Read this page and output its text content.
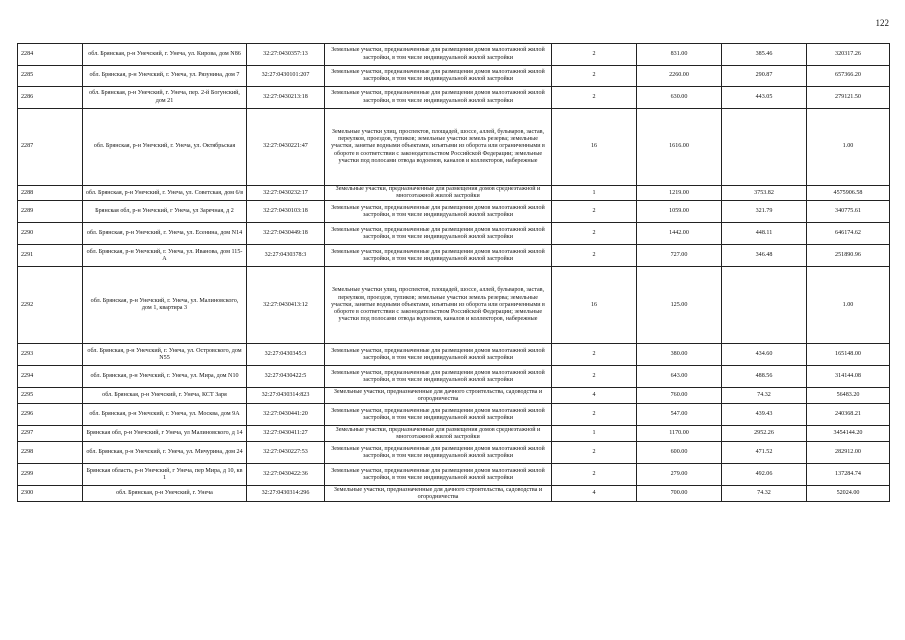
122
2284	обл. Брянская, р-н Унечский, г. Унеча, ул. Кирова, дом N86	32:27:0430357:13	Земельные участки, предназначенные для размещения домов малоэтажной жилой застройки, в том числе индивидуальной жилой застройки	2	831.00	385.46	320317.26
2285	обл. Брянская, р-н Унечский, г. Унеча, ул. Рязунина, дом 7	32:27:0430101:207	Земельные участки, предназначенные для размещения домов малоэтажной жилой застройки, в том числе индивидуальной жилой застройки	2	2260.00	290.87	657366.20
2286	обл. Брянская, р-н Унечский, г. Унеча, пер. 2-й Богунский, дом 21	32:27:0430213:18	Земельные участки, предназначенные для размещения домов малоэтажной жилой застройки, в том числе индивидуальной жилой застройки	2	630.00	443.05	279121.50
2287	обл. Брянская, р-н Унечский, г. Унеча, ул. Октябрьская	32:27:0430221:47	Земельные участки улиц, проспектов, площадей, шоссе, аллей, бульваров, застав, переулков, проездов, тупиков; земельные участки земель резерва; земельные участки, занятые водными объектами, изъятыми из оборота или ограниченными в обороте в соответствии с законодательством Российской Федерации; земельные участки под полосами отвода водоемов, каналов и коллекторов, набережные	16	1616.00		1.00
2288	обл. Брянская, р-н Унечский, г. Унеча, ул. Советская, дом 6/в	32:27:0430232:17	Земельные участки, предназначенные для размещения домов среднеэтажной и многоэтажной жилой застройки	1	1219.00	3753.82	4575906.58
2289	Брянская обл, р-н Унечский, г Унеча, ул Заречная, д 2	32:27:0430103:18	Земельные участки, предназначенные для размещения домов малоэтажной жилой застройки, в том числе индивидуальной жилой застройки	2	1059.00	321.79	340775.61
2290	обл. Брянская, р-н Унечский, г. Унеча, ул. Есенина, дом N14	32:27:0430449:18	Земельные участки, предназначенные для размещения домов малоэтажной жилой застройки, в том числе индивидуальной жилой застройки	2	1442.00	448.11	646174.62
2291	обл. Брянская, р-н Унечский, г. Унеча, ул. Иванова, дом 115-А	32:27:0430378:3	Земельные участки, предназначенные для размещения домов малоэтажной жилой застройки, в том числе индивидуальной жилой застройки	2	727.00	346.48	251890.96
2292	обл. Брянская, р-н Унечский, г. Унеча, ул. Малиновского, дом 1, квартира 3	32:27:0430413:12	Земельные участки улиц, проспектов, площадей, шоссе, аллей, бульваров, застав, переулков, проездов, тупиков; земельные участки земель резерва; земельные участки, занятые водными объектами, изъятыми из оборота или ограниченными в обороте в соответствии с законодательством Российской Федерации; земельные участки под полосами отвода водоемов, каналов и коллекторов, набережные	16	125.00		1.00
2293	обл. Брянская, р-н Унечский, г. Унеча, ул. Островского, дом N55	32:27:0430345:3	Земельные участки, предназначенные для размещения домов малоэтажной жилой застройки, в том числе индивидуальной жилой застройки	2	380.00	434.60	165148.00
2294	обл. Брянская, р-н Унечский, г. Унеча, ул. Мира, дом N10	32:27:0430422:5	Земельные участки, предназначенные для размещения домов малоэтажной жилой застройки, в том числе индивидуальной жилой застройки	2	643.00	488.56	314144.08
2295	обл. Брянская, р-н Унечский, г. Унеча, КСТ Заря	32:27:0430314:823	Земельные участки, предназначенные для дачного строительства, садоводства и огородничества	4	760.00	74.32	56483.20
2296	обл. Брянская, р-н Унечский, г. Унеча, ул. Москва, дом 9А	32:27:0430441:20	Земельные участки, предназначенные для размещения домов малоэтажной жилой застройки, в том числе индивидуальной жилой застройки	2	547.00	439.43	240368.21
2297	Брянская обл, р-н Унечский, г Унеча, ул Малиновского, д 14	32:27:0430411:27	Земельные участки, предназначенные для размещения домов среднеэтажной и многоэтажной жилой застройки	1	1170.00	2952.26	3454144.20
2298	обл. Брянская, р-н Унечский, г. Унеча, ул. Мичурина, дом 24	32:27:0430227:53	Земельные участки, предназначенные для размещения домов малоэтажной жилой застройки, в том числе индивидуальной жилой застройки	2	600.00	471.52	282912.00
2299	Брянская область, р-н Унечский, г Унеча, пер Мира, д 10, кв 1	32:27:0430422:36	Земельные участки, предназначенные для размещения домов малоэтажной жилой застройки, в том числе индивидуальной жилой застройки	2	279.00	492.06	137284.74
2300	обл. Брянская, р-н Унечский, г. Унеча	32:27:0430314:296	Земельные участки, предназначенные для дачного строительства, садоводства и огородничества	4	700.00	74.32	52024.00
